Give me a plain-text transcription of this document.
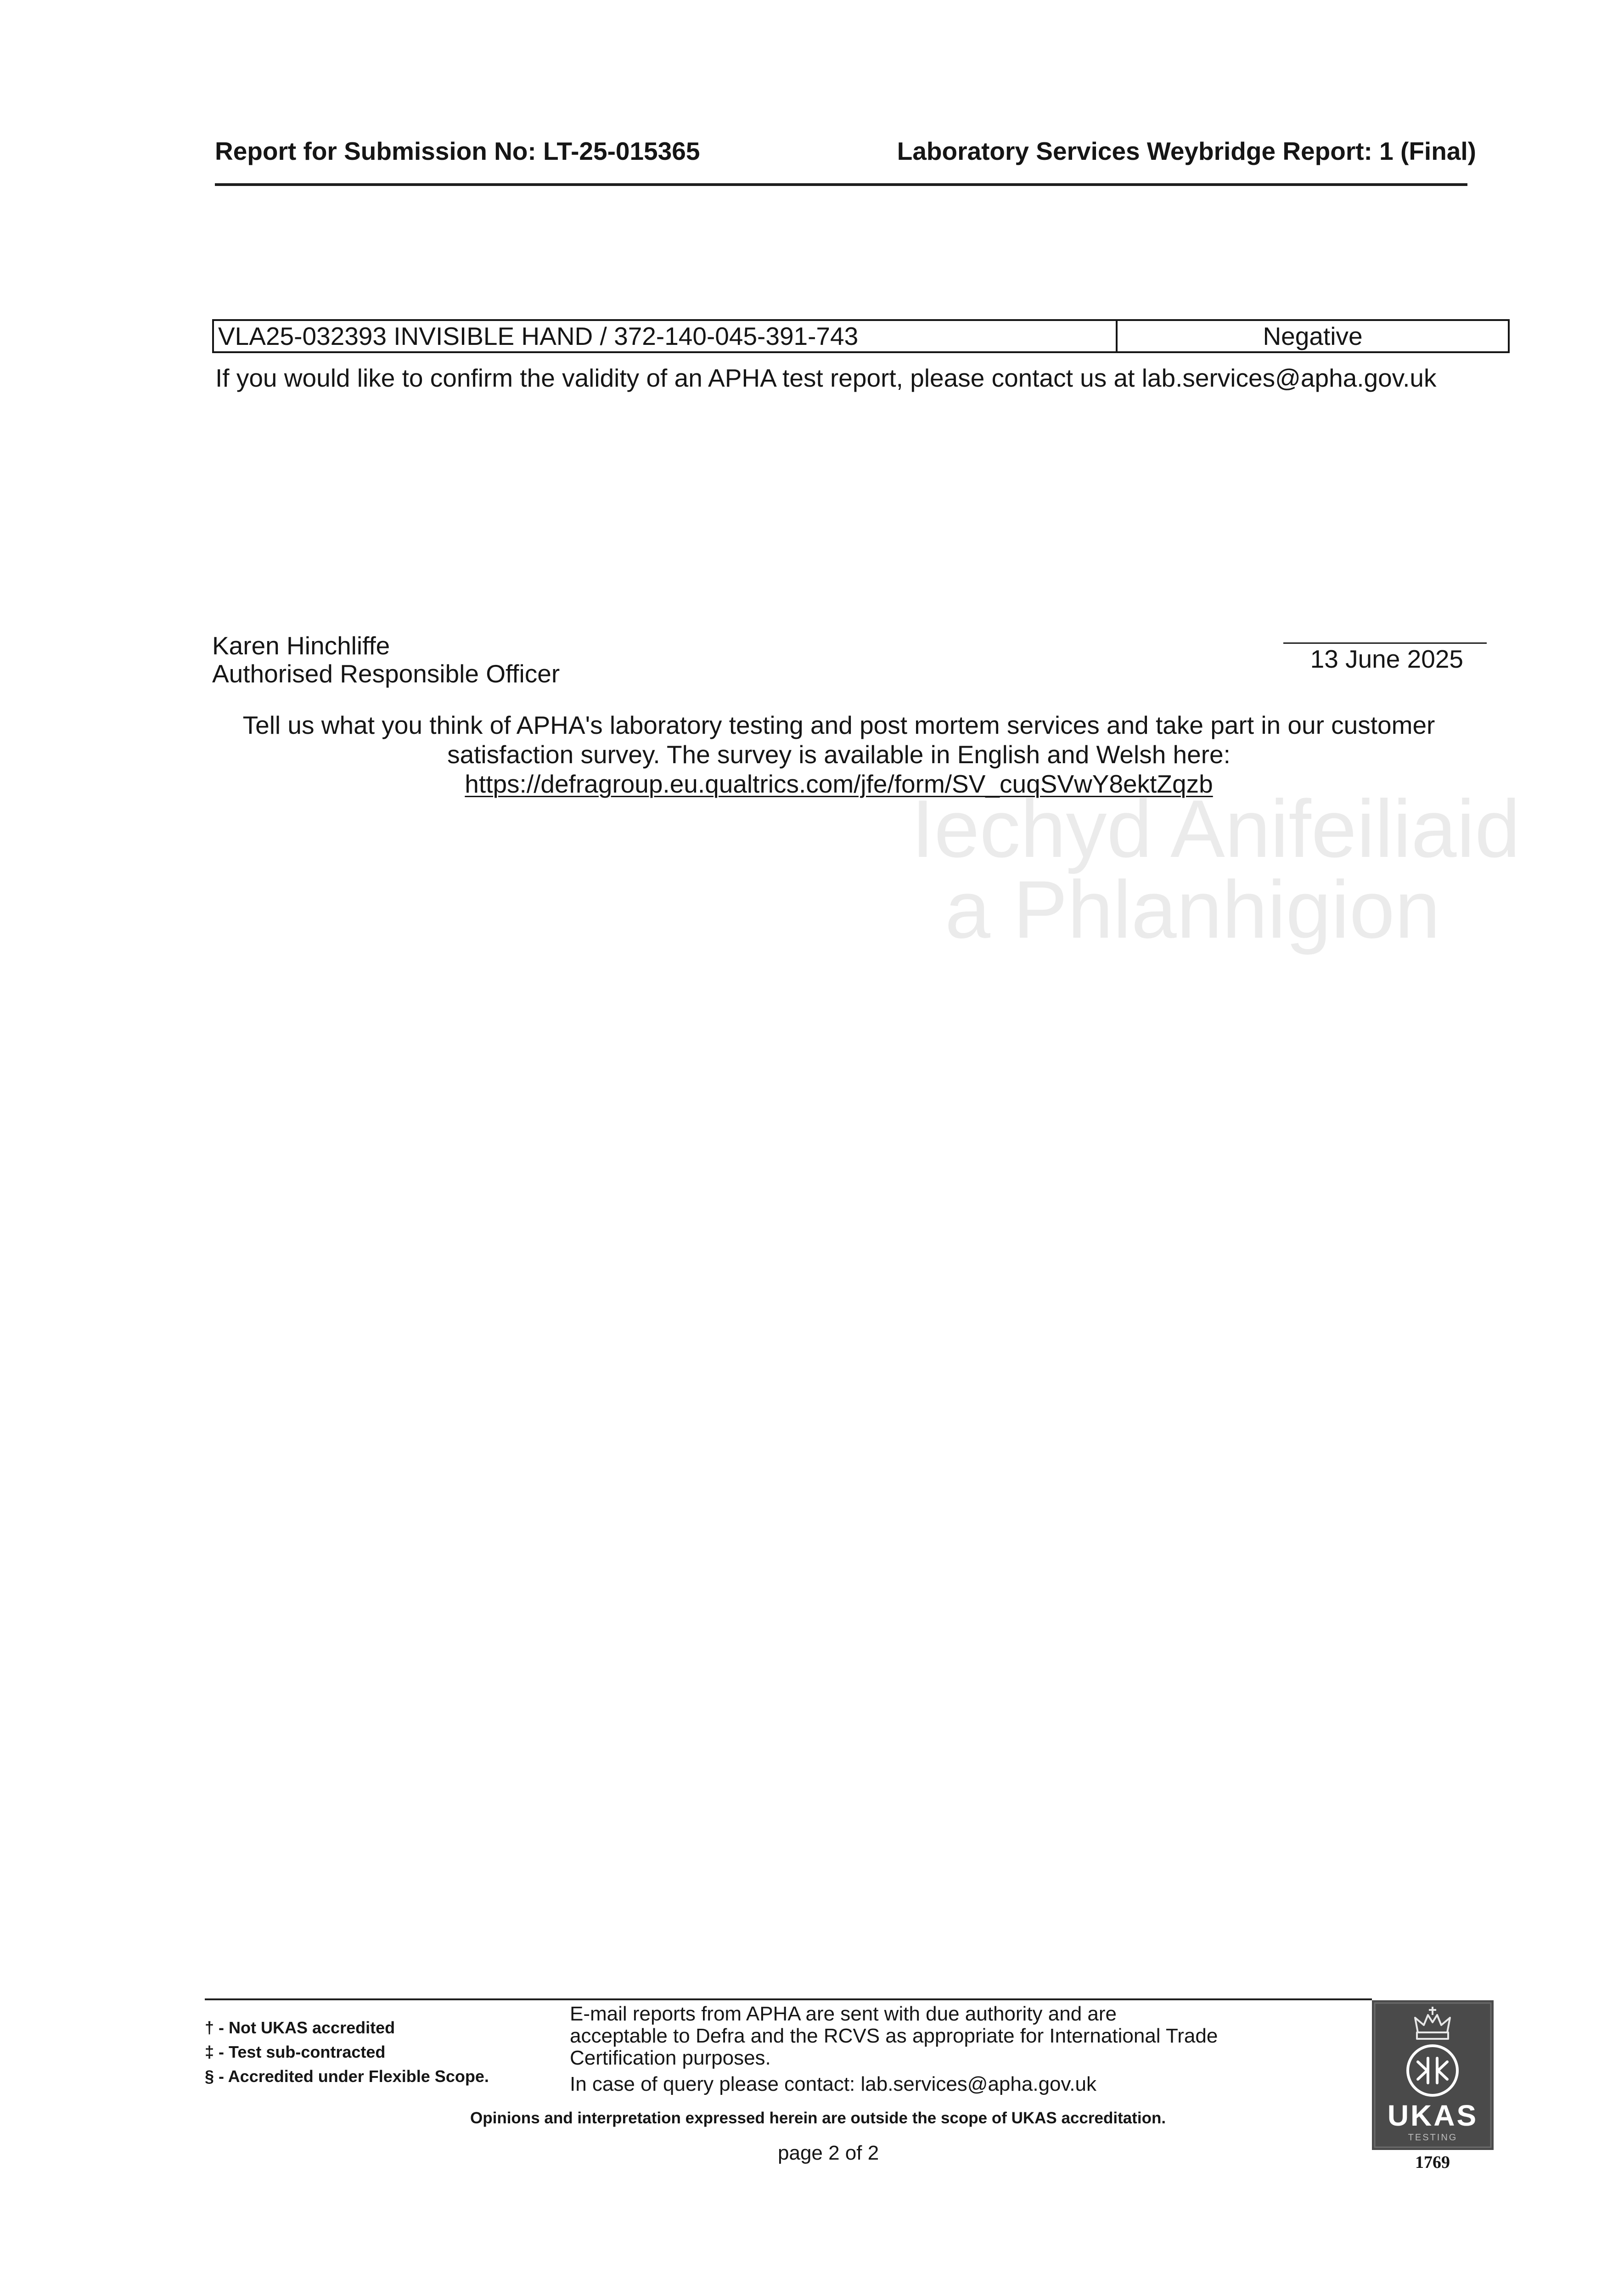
Iechyd Anifeiliaid
a Phlanhigion
Report for Submission No: LT-25-015365	Laboratory Services Weybridge Report: 1 (Final)
VLA25-032393 INVISIBLE HAND / 372-140-045-391-743	Negative
If you would like to confirm the validity of an APHA test report, please contact us at lab.services@apha.gov.uk
Karen Hinchliffe
Authorised Responsible Officer
13 June 2025
Tell us what you think of APHA's laboratory testing and post mortem services and take part in our customer
satisfaction survey. The survey is available in English and Welsh here:
https://defragroup.eu.qualtrics.com/jfe/form/SV_cuqSVwY8ektZqzb
† - Not UKAS accredited
‡ - Test sub-contracted
§ - Accredited under Flexible Scope.
E-mail reports from APHA are sent with due authority and are
acceptable to Defra and the RCVS as appropriate for International Trade
Certification purposes.
In case of query please contact: lab.services@apha.gov.uk
Opinions and interpretation expressed herein are outside the scope of UKAS accreditation.
page 2 of 2
UKAS
TESTING
1769
